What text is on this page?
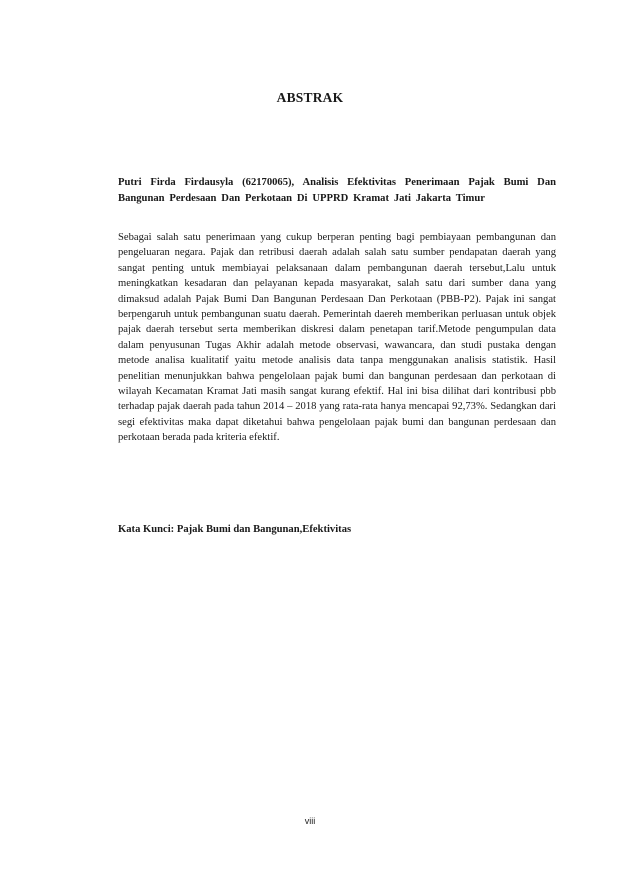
ABSTRAK
Putri Firda Firdausyla (62170065), Analisis Efektivitas Penerimaan Pajak Bumi Dan Bangunan Perdesaan Dan Perkotaan Di UPPRD Kramat Jati Jakarta Timur
Sebagai salah satu penerimaan yang cukup berperan penting bagi pembiayaan pembangunan dan pengeluaran negara. Pajak dan retribusi daerah adalah salah satu sumber pendapatan daerah yang sangat penting untuk membiayai pelaksanaan dalam pembangunan daerah tersebut,Lalu untuk meningkatkan kesadaran dan pelayanan kepada masyarakat, salah satu dari sumber dana yang dimaksud adalah Pajak Bumi Dan Bangunan Perdesaan Dan Perkotaan (PBB-P2). Pajak ini sangat berpengaruh untuk pembangunan suatu daerah. Pemerintah daereh memberikan perluasan untuk objek pajak daerah tersebut serta memberikan diskresi dalam penetapan tarif.Metode pengumpulan data dalam penyusunan Tugas Akhir adalah metode observasi, wawancara, dan studi pustaka dengan metode analisa kualitatif yaitu metode analisis data tanpa menggunakan analisis statistik. Hasil penelitian menunjukkan bahwa pengelolaan pajak bumi dan bangunan perdesaan dan perkotaan di wilayah Kecamatan Kramat Jati masih sangat kurang efektif. Hal ini bisa dilihat dari kontribusi pbb terhadap pajak daerah pada tahun 2014 – 2018 yang rata-rata hanya mencapai 92,73%. Sedangkan dari segi efektivitas maka dapat diketahui bahwa pengelolaan pajak bumi dan bangunan perdesaan dan perkotaan berada pada kriteria efektif.
Kata Kunci: Pajak Bumi dan Bangunan,Efektivitas
viii
